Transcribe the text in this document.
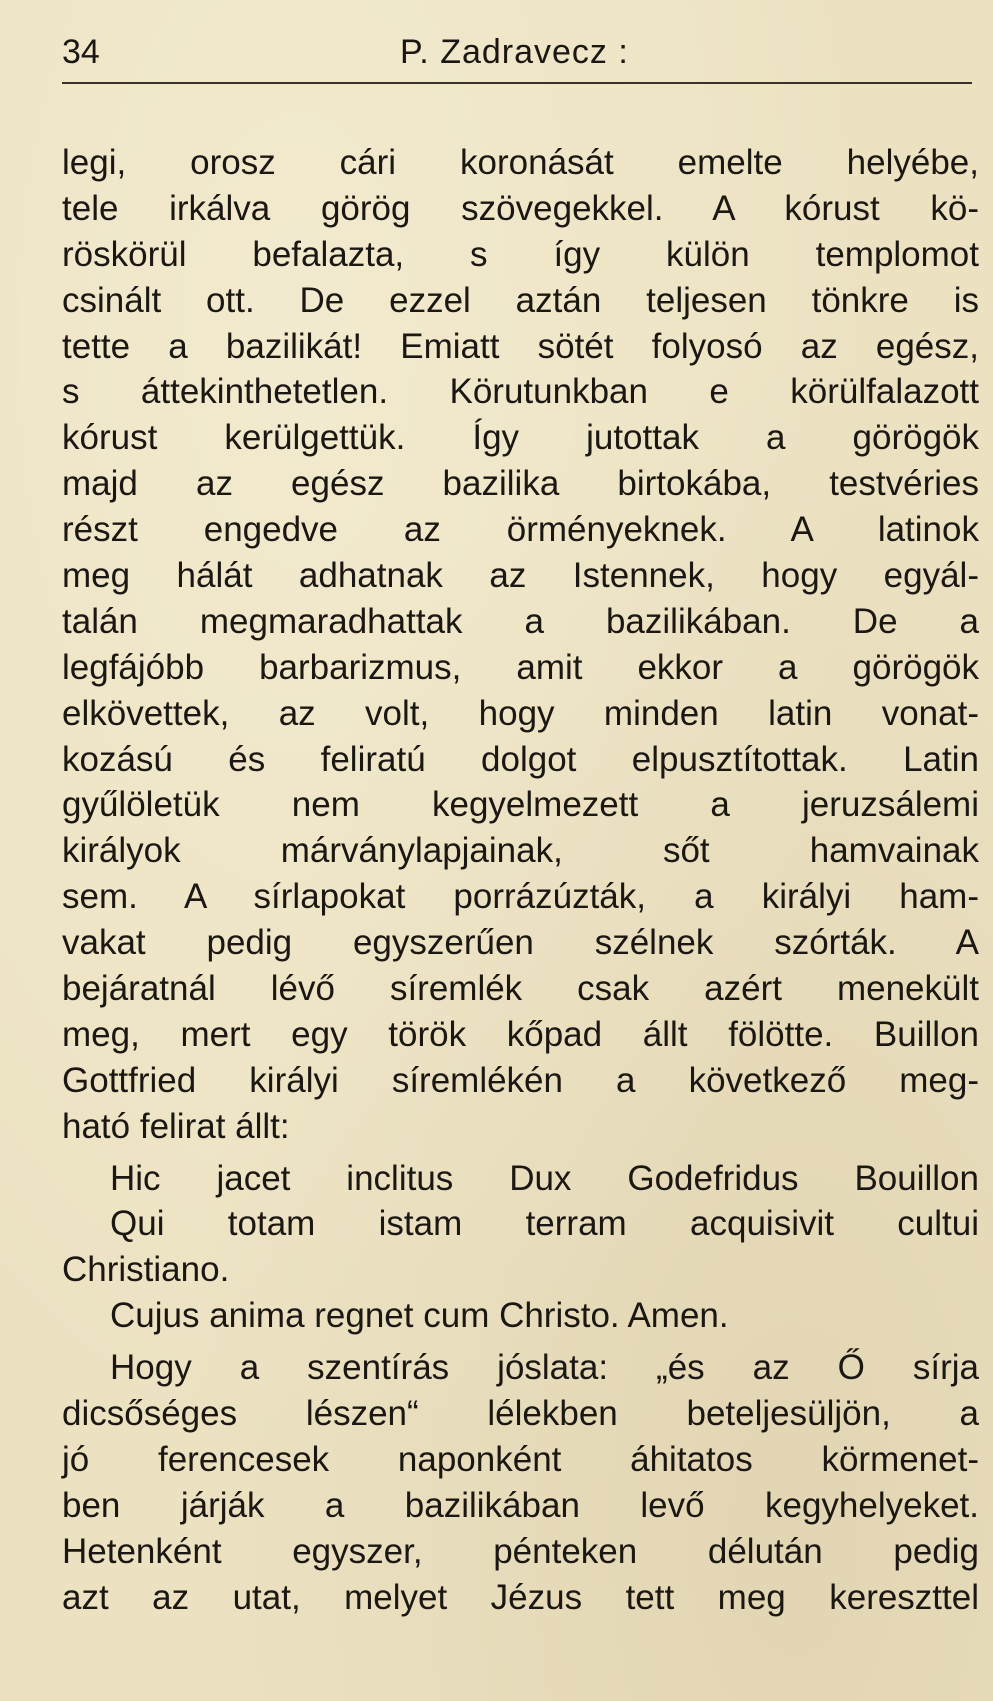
34	P. Zadravecz :
legi, orosz cári koronását emelte helyébe,
tele irkálva görög szövegekkel. A kórust kö-
röskörül befalazta, s így külön templomot
csinált ott. De ezzel aztán teljesen tönkre is
tette a bazilikát! Emiatt sötét folyosó az egész,
s áttekinthetetlen. Körutunkban e körülfalazott
kórust kerülgettük. Így jutottak a görögök
majd az egész bazilika birtokába, testvéries
részt engedve az örményeknek. A latinok
meg hálát adhatnak az Istennek, hogy egyál-
talán megmaradhattak a bazilikában. De a
legfájóbb barbarizmus, amit ekkor a görögök
elkövettek, az volt, hogy minden latin vonat-
kozású és feliratú dolgot elpusztítottak. Latin
gyűlöletük nem kegyelmezett a jeruzsálemi
királyok márványlapjainak, sőt hamvainak
sem. A sírlapokat porrázúzták, a királyi ham-
vakat pedig egyszerűen szélnek szórták. A
bejáratnál lévő síremlék csak azért menekült
meg, mert egy török kőpad állt fölötte. Buillon
Gottfried királyi síremlékén a következő meg-
ható felirat állt:
Hic jacet inclitus Dux Godefridus Bouillon
Qui totam istam terram acquisivit cultui
Christiano.
Cujus anima regnet cum Christo. Amen.
Hogy a szentírás jóslata: „és az Ő sírja
dicsőséges lészen“ lélekben beteljesüljön, a
jó ferencesek naponként áhitatos körmenet-
ben járják a bazilikában levő kegyhelyeket.
Hetenként egyszer, pénteken délután pedig
azt az utat, melyet Jézus tett meg kereszttel
